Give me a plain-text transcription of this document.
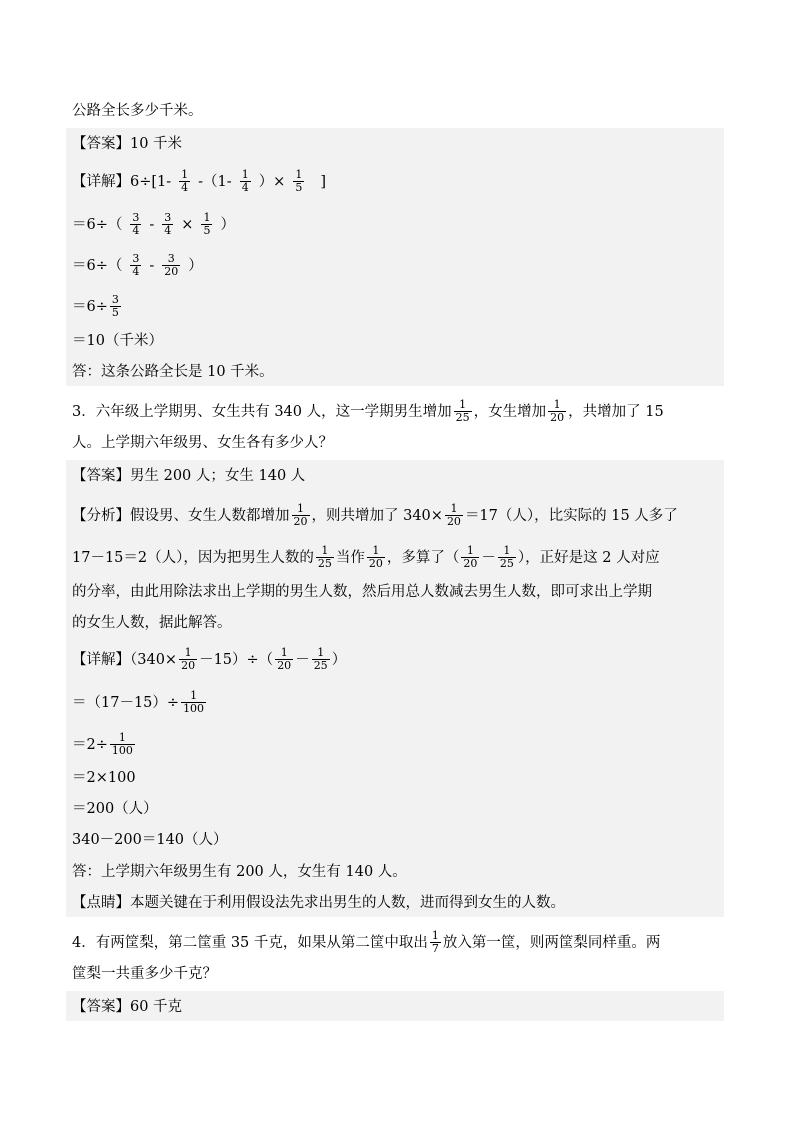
公路全长多少千米。
【答案】10 千米
【详解】$6\div[1- \frac{1}{4} -(1- \frac{1}{4}$ ）× $\frac{1}{5}$ ]
$=6\div( \frac{3}{4} - \frac{3}{4} \times \frac{1}{5}$ ）
$=6\div( \frac{3}{4} - \frac{3}{20}$ ）
$=6\div \frac{3}{5}$
＝10（千米）
答：这条公路全长是 10 千米。
3．六年级上学期男、女生共有 340 人，这一学期男生增加 $\frac{1}{25}$ ，女生增加 $\frac{1}{20}$ ，共增加了 15
人。上学期六年级男、女生各有多少人？
【答案】男生 200 人；女生 140 人
【分析】假设男、女生人数都增加 $\frac{1}{20}$ ，则共增加了 $340\times \frac{1}{20} =17$（人），比实际的 15 人多了
17－15＝2（人），因为把男生人数的 $\frac{1}{25}$ 当作 $\frac{1}{20}$ ，多算了（ $\frac{1}{20} - \frac{1}{25}$ ），正好是这 2 人对应
的分率，由此用除法求出上学期的男生人数，然后用总人数减去男生人数，即可求出上学期
的女生人数，据此解答。
【详解】$(340\times \frac{1}{20} -15)\div( \frac{1}{20} - \frac{1}{25}$ ）
$=(17-15)\div \frac{1}{100}$
$=2\div \frac{1}{100}$
＝2×100
＝200（人）
340－200＝140（人）
答：上学期六年级男生有 200 人，女生有 140 人。
【点睛】本题关键在于利用假设法先求出男生的人数，进而得到女生的人数。
4．有两筐梨，第二筐重 35 千克，如果从第二筐中取出 $\frac{1}{7}$ 放入第一筐，则两筐梨同样重。两
筐梨一共重多少千克？
【答案】60 千克
